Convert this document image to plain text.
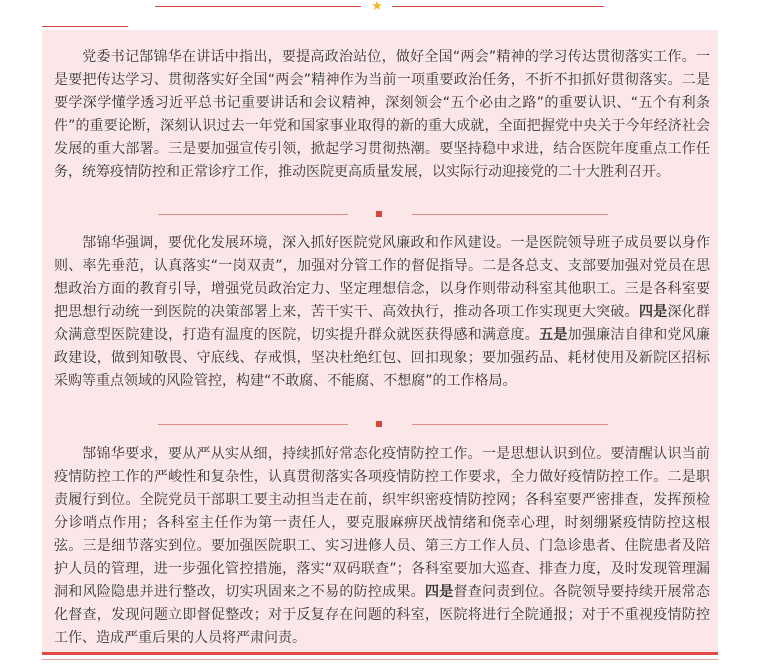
★

党委书记郜锦华在讲话中指出，要提高政治站位，做好全国“两会”精神的学习传达贯彻落实工作。一是要把传达学习、贯彻落实好全国“两会”精神作为当前一项重要政治任务，不折不扣抓好贯彻落实。二是要学深学懂学透习近平总书记重要讲话和会议精神，深刻领会“五个必由之路”的重要认识、“五个有利条件”的重要论断，深刻认识过去一年党和国家事业取得的新的重大成就，全面把握党中央关于今年经济社会发展的重大部署。三是要加强宣传引领，掀起学习贯彻热潮。要坚持稳中求进，结合医院年度重点工作任务，统筹疫情防控和正常诊疗工作，推动医院更高质量发展，以实际行动迎接党的二十大胜利召开。

郜锦华强调，要优化发展环境，深入抓好医院党风廉政和作风建设。一是医院领导班子成员要以身作则、率先垂范，认真落实“一岗双责”，加强对分管工作的督促指导。二是各总支、支部要加强对党员在思想政治方面的教育引导，增强党员政治定力、坚定理想信念，以身作则带动科室其他职工。三是各科室要把思想行动统一到医院的决策部署上来，苦干实干、高效执行，推动各项工作实现更大突破。四是深化群众满意型医院建设，打造有温度的医院，切实提升群众就医获得感和满意度。五是加强廉洁自律和党风廉政建设，做到知敬畏、守底线、存戒惧，坚决杜绝红包、回扣现象；要加强药品、耗材使用及新院区招标采购等重点领域的风险管控，构建“不敢腐、不能腐、不想腐”的工作格局。

郜锦华要求，要从严从实从细，持续抓好常态化疫情防控工作。一是思想认识到位。要清醒认识当前疫情防控工作的严峻性和复杂性，认真贯彻落实各项疫情防控工作要求，全力做好疫情防控工作。二是职责履行到位。全院党员干部职工要主动担当走在前，织牢织密疫情防控网；各科室要严密排查，发挥预检分诊哨点作用；各科室主任作为第一责任人，要克服麻痹厌战情绪和侥幸心理，时刻绷紧疫情防控这根弦。三是细节落实到位。要加强医院职工、实习进修人员、第三方工作人员、门急诊患者、住院患者及陪护人员的管理，进一步强化管控措施，落实“双码联查”；各科室要加大巡查、排查力度，及时发现管理漏洞和风险隐患并进行整改，切实巩固来之不易的防控成果。四是督查问责到位。各院领导要持续开展常态化督查，发现问题立即督促整改；对于反复存在问题的科室，医院将进行全院通报；对于不重视疫情防控工作、造成严重后果的人员将严肃问责。
